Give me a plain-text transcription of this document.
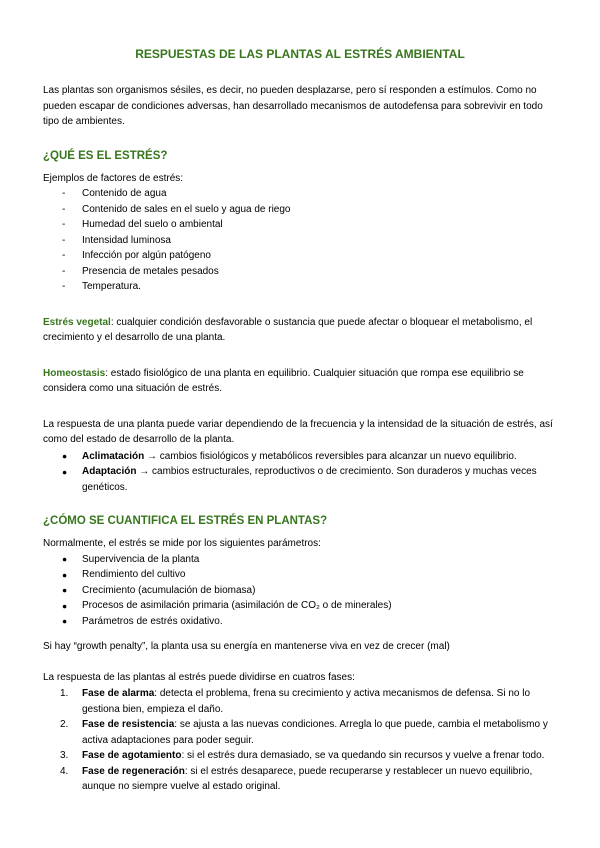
RESPUESTAS DE LAS PLANTAS AL ESTRÉS AMBIENTAL

Las plantas son organismos sésiles, es decir, no pueden desplazarse, pero sí responden a estímulos. Como no pueden escapar de condiciones adversas, han desarrollado mecanismos de autodefensa para sobrevivir en todo tipo de ambientes.

¿QUÉ ES EL ESTRÉS?

Ejemplos de factores de estrés:

-	Contenido de agua
-	Contenido de sales en el suelo y agua de riego
-	Humedad del suelo o ambiental
-	Intensidad luminosa
-	Infección por algún patógeno
-	Presencia de metales pesados
-	Temperatura.

Estrés vegetal: cualquier condición desfavorable o sustancia que puede afectar o bloquear el metabolismo, el crecimiento y el desarrollo de una planta.

Homeostasis: estado fisiológico de una planta en equilibrio. Cualquier situación que rompa ese equilibrio se considera como una situación de estrés.

La respuesta de una planta puede variar dependiendo de la frecuencia y la intensidad de la situación de estrés, así como del estado de desarrollo de la planta.

●	Aclimatación → cambios fisiológicos y metabólicos reversibles para alcanzar un nuevo equilibrio.
●	Adaptación → cambios estructurales, reproductivos o de crecimiento. Son duraderos y muchas veces genéticos.
¿CÓMO SE CUANTIFICA EL ESTRÉS EN PLANTAS?

Normalmente, el estrés se mide por los siguientes parámetros:

●	Supervivencia de la planta
●	Rendimiento del cultivo
●	Crecimiento (acumulación de biomasa)
●	Procesos de asimilación primaria (asimilación de CO₂ o de minerales)
●	Parámetros de estrés oxidativo.

Si hay “growth penalty”, la planta usa su energía en mantenerse viva en vez de crecer (mal)

La respuesta de las plantas al estrés puede dividirse en cuatros fases:

1.	Fase de alarma: detecta el problema, frena su crecimiento y activa mecanismos de defensa. Si no lo gestiona bien, empieza el daño.
2.	Fase de resistencia: se ajusta a las nuevas condiciones. Arregla lo que puede, cambia el metabolismo y activa adaptaciones para poder seguir.
3.	Fase de agotamiento: si el estrés dura demasiado, se va quedando sin recursos y vuelve a frenar todo.
4.	Fase de regeneración: si el estrés desaparece, puede recuperarse y restablecer un nuevo equilibrio, aunque no siempre vuelve al estado original.
